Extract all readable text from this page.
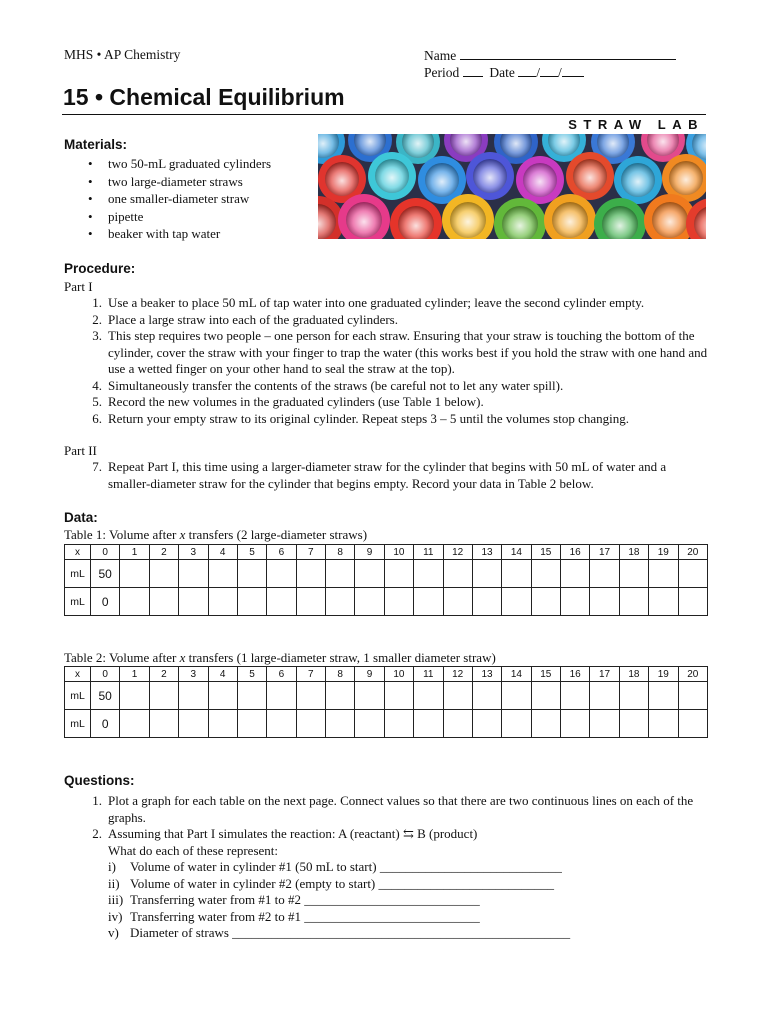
MHS • AP Chemistry	Name
Period Date / /
15 • Chemical Equilibrium
STRAW LAB
Materials:
• two 50-mL graduated cylinders
• two large-diameter straws
• one smaller-diameter straw
• pipette
• beaker with tap water
Procedure:
Part I
1. Use a beaker to place 50 mL of tap water into one graduated cylinder; leave the second cylinder empty.
2. Place a large straw into each of the graduated cylinders.
3. This step requires two people – one person for each straw. Ensuring that your straw is touching the bottom of the cylinder, cover the straw with your finger to trap the water (this works best if you hold the straw with one hand and use a wetted finger on your other hand to seal the straw at the top).
4. Simultaneously transfer the contents of the straws (be careful not to let any water spill).
5. Record the new volumes in the graduated cylinders (use Table 1 below).
6. Return your empty straw to its original cylinder. Repeat steps 3 – 5 until the volumes stop changing.
Part II
7. Repeat Part I, this time using a larger-diameter straw for the cylinder that begins with 50 mL of water and a smaller-diameter straw for the cylinder that begins empty. Record your data in Table 2 below.
Data:
Table 1: Volume after x transfers (2 large-diameter straws)
x	0	1	2	3	4	5	6	7	8	9	10	11	12	13	14	15	16	17	18	19	20
mL	50																				
mL	0																				
Table 2: Volume after x transfers (1 large-diameter straw, 1 smaller diameter straw)
x	0	1	2	3	4	5	6	7	8	9	10	11	12	13	14	15	16	17	18	19	20
mL	50																				
mL	0																				
Questions:
1. Plot a graph for each table on the next page. Connect values so that there are two continuous lines on each of the graphs.
2. Assuming that Part I simulates the reaction: A (reactant) ⇆ B (product)
What do each of these represent:
i) Volume of water in cylinder #1 (50 mL to start) ____________________________
ii) Volume of water in cylinder #2 (empty to start) ___________________________
iii) Transferring water from #1 to #2 ___________________________
iv) Transferring water from #2 to #1 ___________________________
v) Diameter of straws ____________________________________________________
